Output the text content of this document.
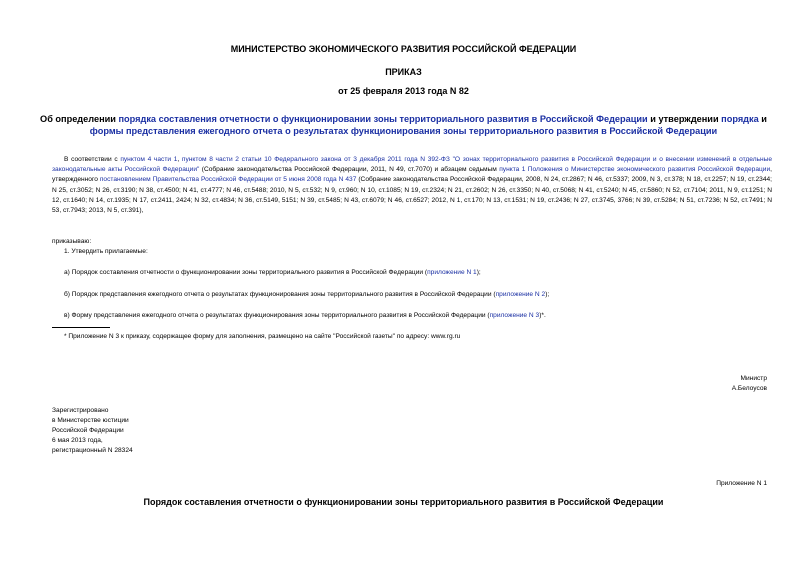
МИНИСТЕРСТВО ЭКОНОМИЧЕСКОГО РАЗВИТИЯ РОССИЙСКОЙ ФЕДЕРАЦИИ
ПРИКАЗ
от 25 февраля 2013 года N 82
Об определении порядка составления отчетности о функционировании зоны территориального развития в Российской Федерации и утверждении порядка и формы представления ежегодного отчета о результатах функционирования зоны территориального развития в Российской Федерации
В соответствии с пунктом 4 части 1, пунктом 8 части 2 статьи 10 Федерального закона от 3 декабря 2011 года N 392-ФЗ "О зонах территориального развития в Российской Федерации и о внесении изменений в отдельные законодательные акты Российской Федерации" (Собрание законодательства Российской Федерации, 2011, N 49, ст.7070) и абзацем седьмым пункта 1 Положения о Министерстве экономического развития Российской Федерации, утвержденного постановлением Правительства Российской Федерации от 5 июня 2008 года N 437 (Собрание законодательства Российской Федерации, 2008, N 24, ст.2867; N 46, ст.5337; 2009, N 3, ст.378; N 18, ст.2257; N 19, ст.2344; N 25, ст.3052; N 26, ст.3190; N 38, ст.4500; N 41, ст.4777; N 46, ст.5488; 2010, N 5, ст.532; N 9, ст.960; N 10, ст.1085; N 19, ст.2324; N 21, ст.2602; N 26, ст.3350; N 40, ст.5068; N 41, ст.5240; N 45, ст.5860; N 52, ст.7104; 2011, N 9, ст.1251; N 12, ст.1640; N 14, ст.1935; N 17, ст.2411, 2424; N 32, ст.4834; N 36, ст.5149, 5151; N 39, ст.5485; N 43, ст.6079; N 46, ст.6527; 2012, N 1, ст.170; N 13, ст.1531; N 19, ст.2436; N 27, ст.3745, 3766; N 39, ст.5284; N 51, ст.7236; N 52, ст.7491; N 53, ст.7943; 2013, N 5, ст.391),
приказываю:
1. Утвердить прилагаемые:
а) Порядок составления отчетности о функционировании зоны территориального развития в Российской Федерации (приложение N 1);
б) Порядок представления ежегодного отчета о результатах функционирования зоны территориального развития в Российской Федерации (приложение N 2);
в) Форму представления ежегодного отчета о результатах функционирования зоны территориального развития в Российской Федерации (приложение N 3)*.
* Приложение N 3 к приказу, содержащее форму для заполнения, размещено на сайте "Российской газеты" по адресу: www.rg.ru
Министр
А.Белоусов
Зарегистрировано
в Министерстве юстиции
Российской Федерации
6 мая 2013 года,
регистрационный N 28324
Приложение N 1
Порядок составления отчетности о функционировании зоны территориального развития в Российской Федерации
